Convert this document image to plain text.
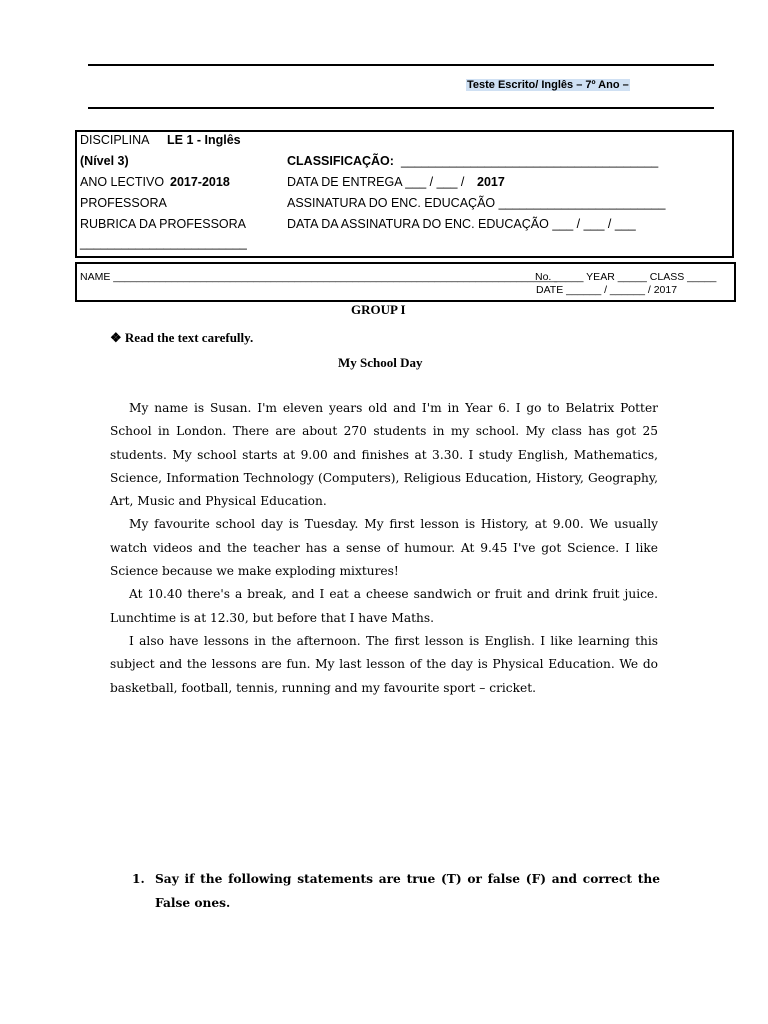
Teste Escrito/ Inglês – 7º Ano –
DISCIPLINA LE 1 - Inglês
(Nível 3)	CLASSIFICAÇÃO: _____________________________________
ANO LECTIVO 2017-2018	DATA DE ENTREGA ___ / ___ / 2017
PROFESSORA	ASSINATURA DO ENC. EDUCAÇÃO ________________________
RUBRICA DA PROFESSORA	DATA DA ASSINATURA DO ENC. EDUCAÇÃO ___ / ___ / ___
________________________
NAME ____________________________________________________________________________
No. _____ YEAR _____ CLASS _____
DATE ______ / ______ / 2017
GROUP I
❖ Read the text carefully.
My School Day

My name is Susan. I'm eleven years old and I'm in Year 6. I go to Belatrix Potter School in London. There are about 270 students in my school. My class has got 25 students. My school starts at 9.00 and finishes at 3.30. I study English, Mathematics, Science, Information Technology (Computers), Religious Education, History, Geography, Art, Music and Physical Education.

My favourite school day is Tuesday. My first lesson is History, at 9.00. We usually watch videos and the teacher has a sense of humour. At 9.45 I've got Science. I like Science because we make exploding mixtures!

At 10.40 there's a break, and I eat a cheese sandwich or fruit and drink fruit juice. Lunchtime is at 12.30, but before that I have Maths.

I also have lessons in the afternoon. The first lesson is English. I like learning this subject and the lessons are fun. My last lesson of the day is Physical Education. We do basketball, football, tennis, running and my favourite sport – cricket.

1. Say if the following statements are true (T) or false (F) and correct the False ones.
